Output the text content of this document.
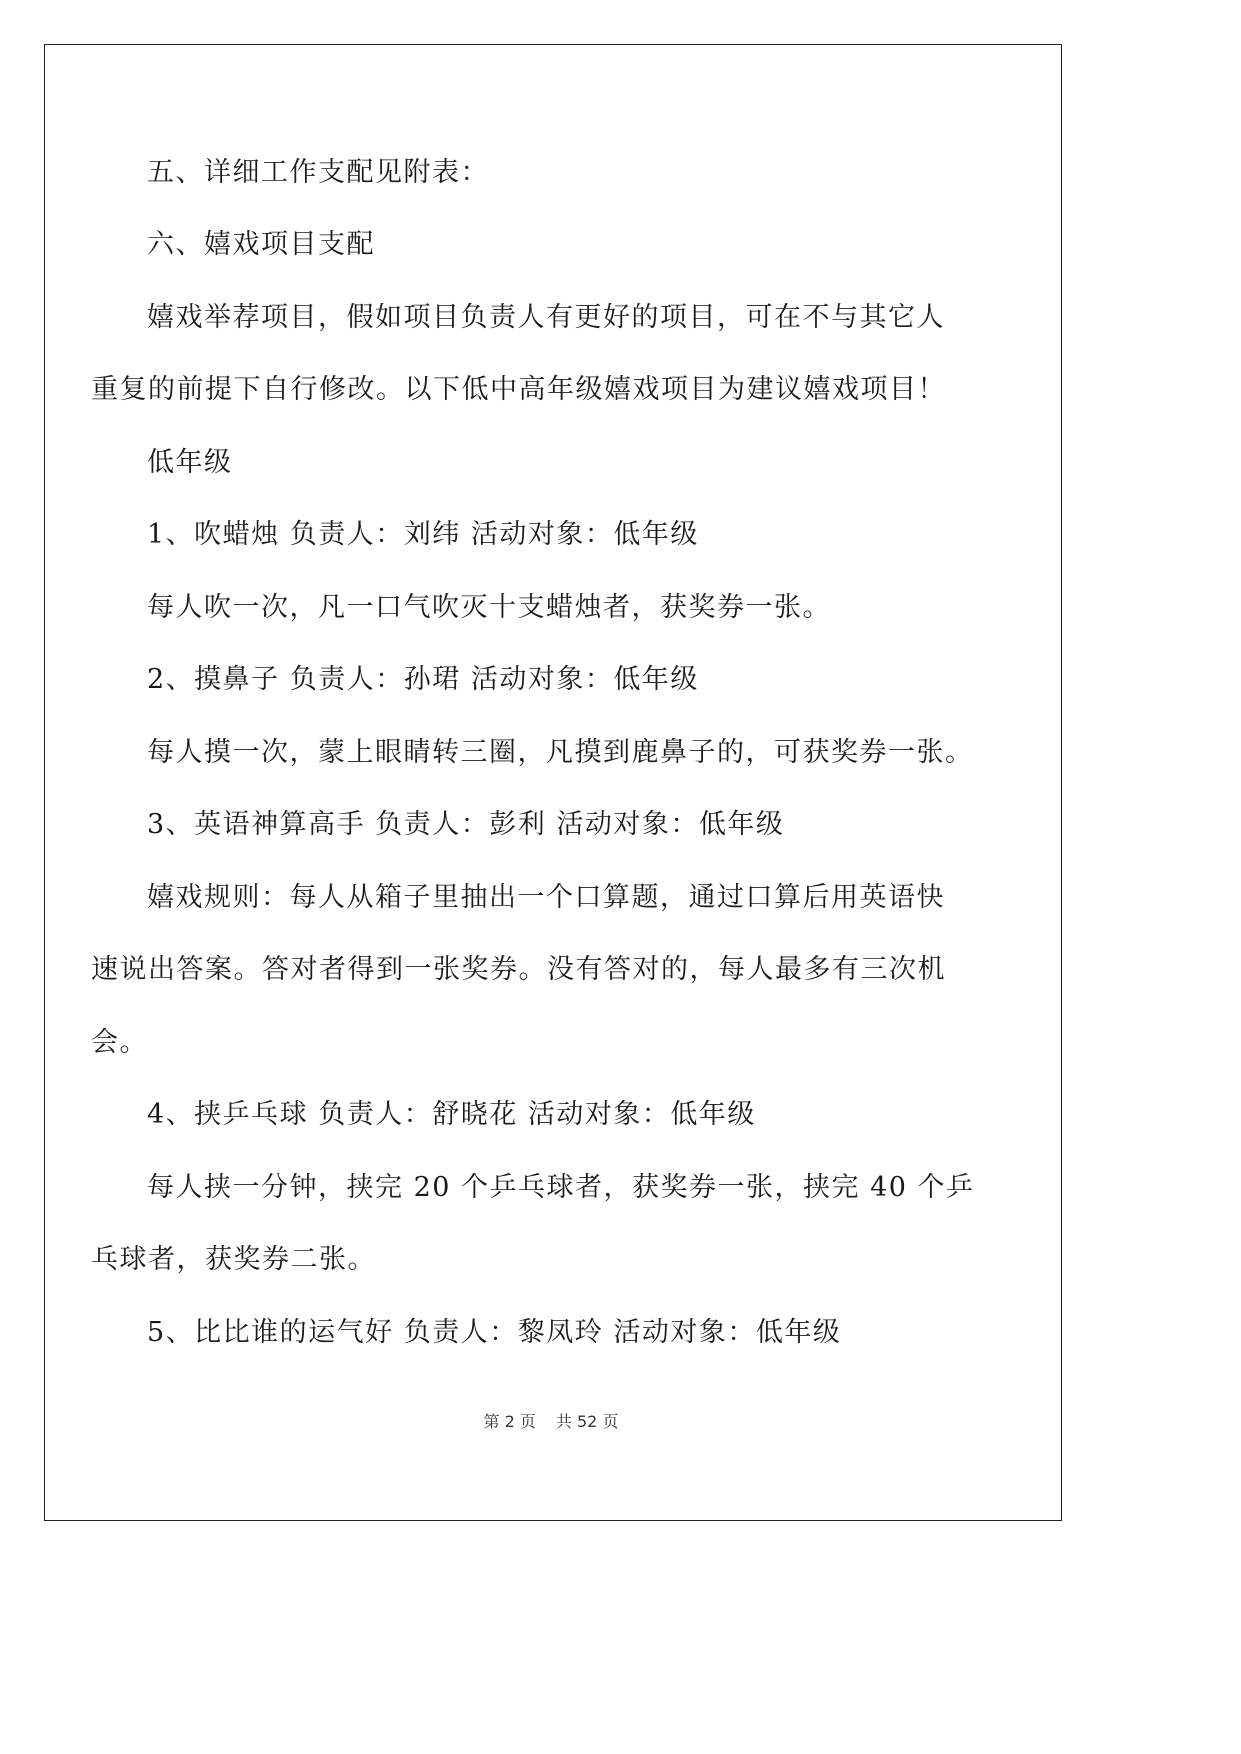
五、详细工作支配见附表：
六、嬉戏项目支配
嬉戏举荐项目，假如项目负责人有更好的项目，可在不与其它人
重复的前提下自行修改。以下低中高年级嬉戏项目为建议嬉戏项目！
低年级
1、吹蜡烛 负责人：刘纬 活动对象：低年级
每人吹一次，凡一口气吹灭十支蜡烛者，获奖券一张。
2、摸鼻子 负责人：孙珺 活动对象：低年级
每人摸一次，蒙上眼睛转三圈，凡摸到鹿鼻子的，可获奖券一张。
3、英语神算高手 负责人：彭利 活动对象：低年级
嬉戏规则：每人从箱子里抽出一个口算题，通过口算后用英语快
速说出答案。答对者得到一张奖券。没有答对的，每人最多有三次机
会。
4、挟乒乓球 负责人：舒晓花 活动对象：低年级
每人挟一分钟，挟完 20 个乒乓球者，获奖券一张，挟完 40 个乒
乓球者，获奖券二张。
5、比比谁的运气好 负责人：黎凤玲 活动对象：低年级
第 2 页 共 52 页
